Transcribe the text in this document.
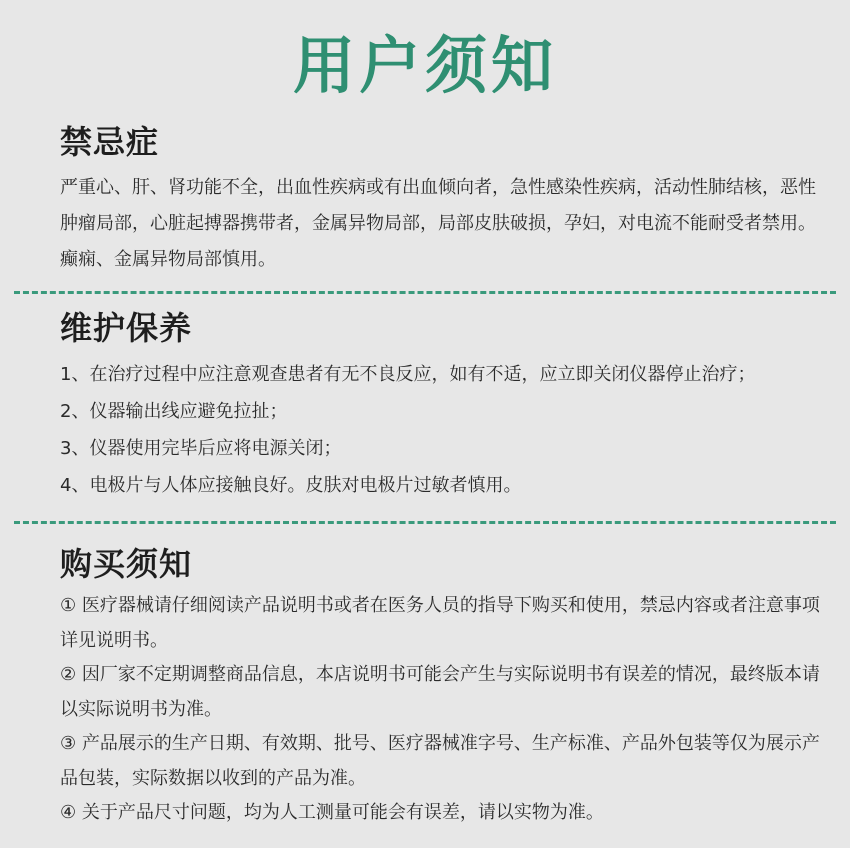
用户须知
禁忌症

严重心、肝、肾功能不全，出血性疾病或有出血倾向者，急性感染性疾病，活动性肺结核，恶性肿瘤局部，心脏起搏器携带者，金属异物局部，局部皮肤破损，孕妇，对电流不能耐受者禁用。癫痫、金属异物局部慎用。

维护保养

1、在治疗过程中应注意观查患者有无不良反应，如有不适，应立即关闭仪器停止治疗；

2、仪器输出线应避免拉扯；

3、仪器使用完毕后应将电源关闭；

4、电极片与人体应接触良好。皮肤对电极片过敏者慎用。

购买须知

① 医疗器械请仔细阅读产品说明书或者在医务人员的指导下购买和使用，禁忌内容或者注意事项详见说明书。

② 因厂家不定期调整商品信息，本店说明书可能会产生与实际说明书有误差的情况，最终版本请以实际说明书为准。

③ 产品展示的生产日期、有效期、批号、医疗器械准字号、生产标准、产品外包装等仅为展示产品包装，实际数据以收到的产品为准。

④ 关于产品尺寸问题，均为人工测量可能会有误差，请以实物为准。
